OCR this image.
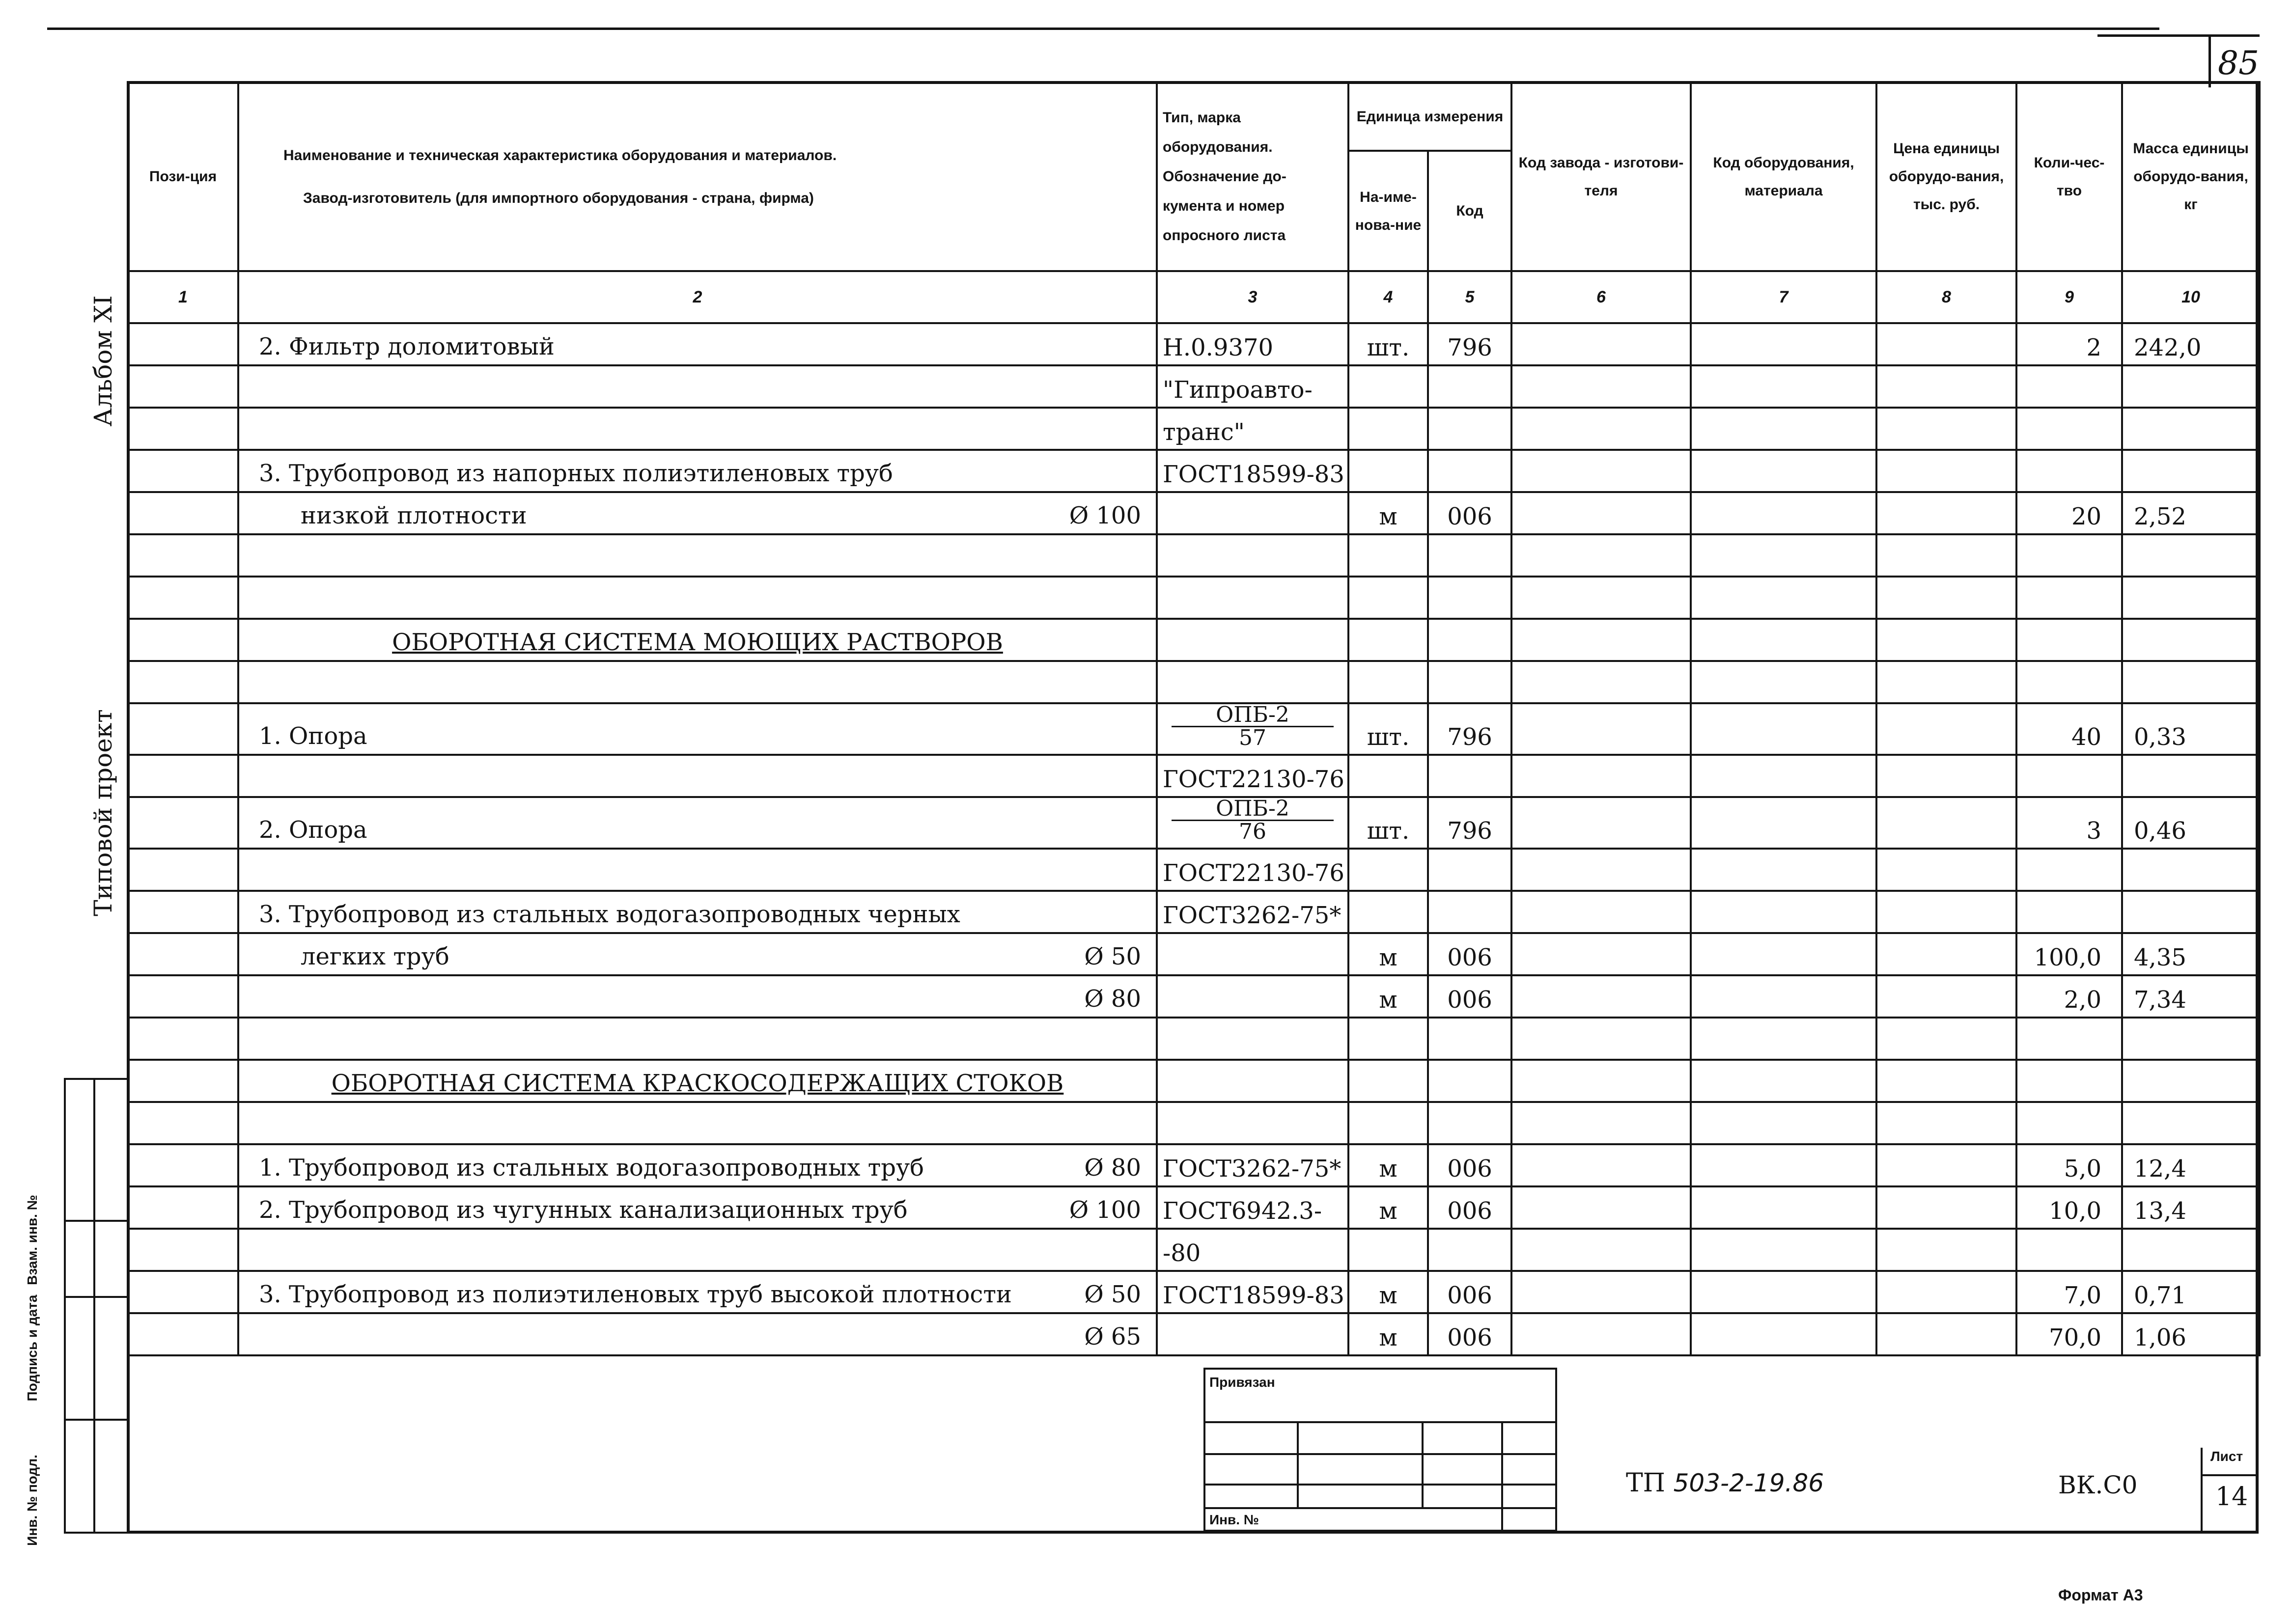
85
Альбом XI
Типовой проект
Инв. № подл.
Подпись и дата
Взам. инв. №
Пози-ция	Наименование и техническая характеристика оборудования и материалов.
Завод-изготовитель (для импортного оборудования - страна, фирма)	Тип, марка оборудования. Обозначение до-кумента и номер опросного листа	Единица измерения		Код завода - изготови-теля	Код оборудования, материала	Цена единицы оборудо-вания, тыс. руб.	Коли-чес-тво	Масса единицы оборудо-вания, кг
			На-име-нова-ние	Код					
1	2	3	4	5	6	7	8	9	10

	2. Фильтр доломитовый	Н.0.9370	шт.	796				2	242,0
		"Гипроавто-							
		транс"							

	3. Трубопровод из напорных полиэтиленовых труб	ГОСТ18599-83							

	низкой плотности Ø 100		м	006				20	2,52

	ОБОРОТНАЯ СИСТЕМА МОЮЩИХ РАСТВОРОВ								

	1. Опора	$\frac{\text{ОПБ-2}}{57}$	шт.	796				40	0,33
		ГОСТ22130-76							

	2. Опора	$\frac{\text{ОПБ-2}}{76}$	шт.	796				3	0,46
		ГОСТ22130-76							

	3. Трубопровод из стальных водогазопроводных черных	ГОСТ3262-75*							

	легких труб Ø 50		м	006				100,0	4,35

	Ø 80		м	006				2,0	7,34

	ОБОРОТНАЯ СИСТЕМА КРАСКОСОДЕРЖАЩИХ СТОКОВ								

	1. Трубопровод из стальных водогазопроводных труб Ø 80	ГОСТ3262-75*	м	006				5,0	12,4

	2. Трубопровод из чугунных канализационных труб Ø 100	ГОСТ6942.3-	м	006				10,0	13,4
		-80							

	3. Трубопровод из полиэтиленовых труб высокой плотности Ø 50	ГОСТ18599-83	м	006				7,0	0,71

	Ø 65		м	006				70,0	1,06
Привязан
Инв. №
ТП 503-2-19.86	ВК.С0
Лист
14
Формат А3
